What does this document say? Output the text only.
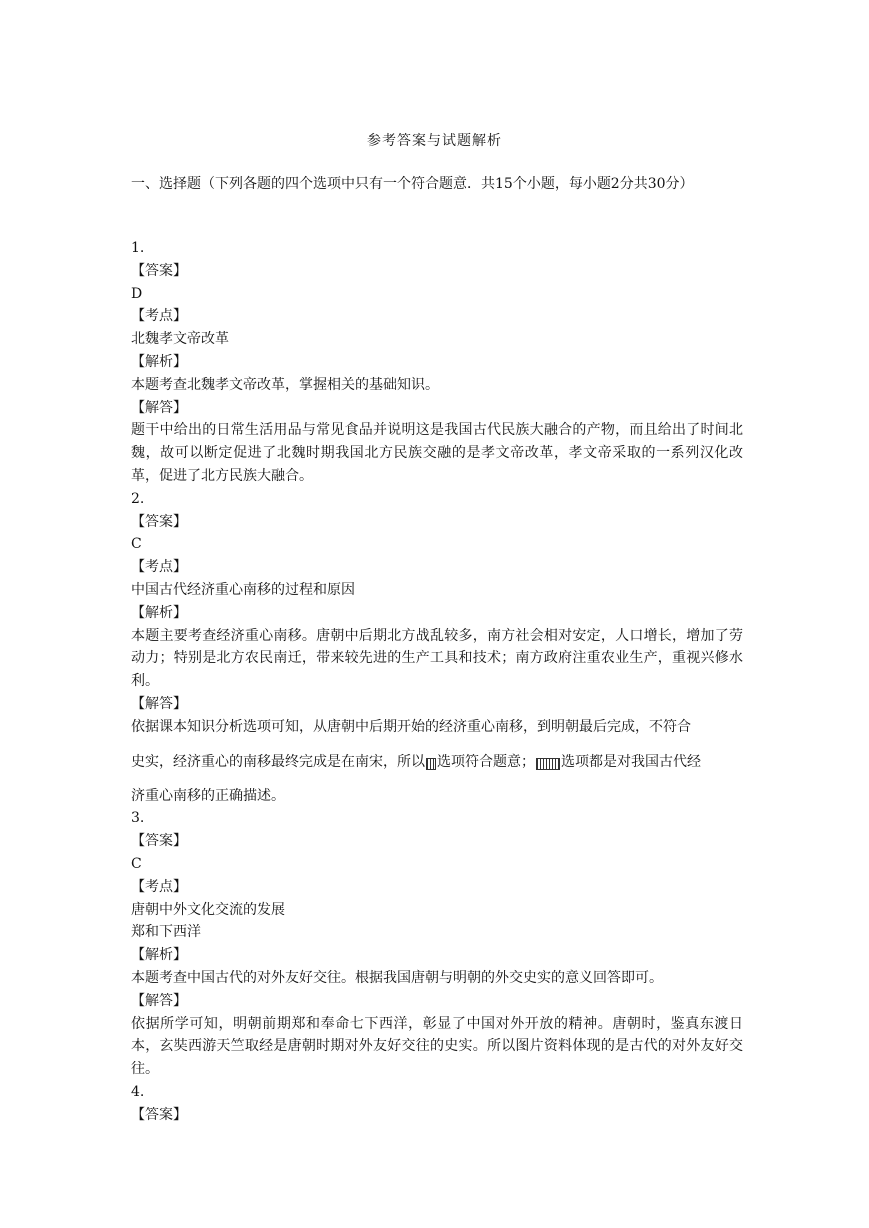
参考答案与试题解析
一、选择题（下列各题的四个选项中只有一个符合题意．共15个小题，每小题2分共30分）
1.
【答案】
D
【考点】
北魏孝文帝改革
【解析】
本题考查北魏孝文帝改革，掌握相关的基础知识。
【解答】
题干中给出的日常生活用品与常见食品并说明这是我国古代民族大融合的产物，而且给出了时间北魏，故可以断定促进了北魏时期我国北方民族交融的是孝文帝改革，孝文帝采取的一系列汉化改革，促进了北方民族大融合。
2.
【答案】
C
【考点】
中国古代经济重心南移的过程和原因
【解析】
本题主要考查经济重心南移。唐朝中后期北方战乱较多，南方社会相对安定，人口增长，增加了劳动力；特别是北方农民南迁，带来较先进的生产工具和技术；南方政府注重农业生产，重视兴修水利。
【解答】
依据课本知识分析选项可知，从唐朝中后期开始的经济重心南移，到明朝最后完成，不符合
史实，经济重心的南移最终完成是在南宋，所以 选项符合题意； 选项都是对我国古代经
济重心南移的正确描述。
3.
【答案】
C
【考点】
唐朝中外文化交流的发展
郑和下西洋
【解析】
本题考查中国古代的对外友好交往。根据我国唐朝与明朝的外交史实的意义回答即可。
【解答】
依据所学可知，明朝前期郑和奉命七下西洋，彰显了中国对外开放的精神。唐朝时，鉴真东渡日本，玄奘西游天竺取经是唐朝时期对外友好交往的史实。所以图片资料体现的是古代的对外友好交往。
4.
【答案】
